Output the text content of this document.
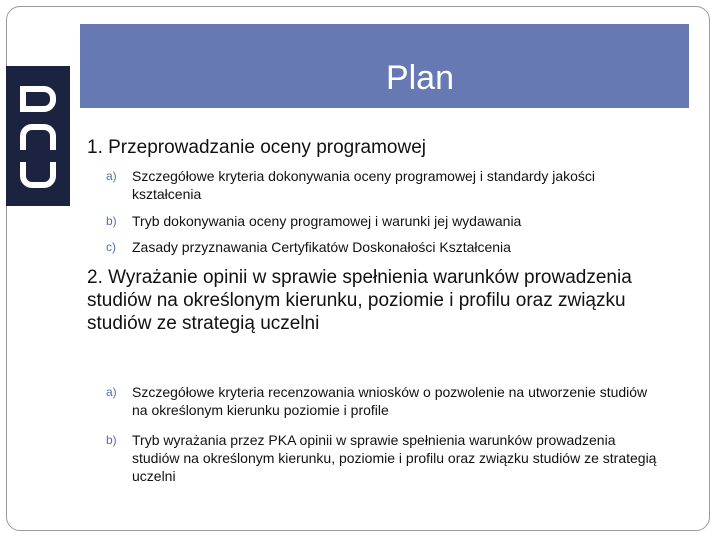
Plan
1. Przeprowadzanie oceny programowej
a)	Szczegółowe kryteria dokonywania oceny programowej i standardy jakości kształcenia
b)	Tryb dokonywania oceny programowej i warunki jej wydawania
c)	Zasady przyznawania Certyfikatów Doskonałości Kształcenia
2. Wyrażanie opinii w sprawie spełnienia warunków prowadzenia studiów na określonym kierunku, poziomie i profilu oraz związku studiów ze strategią uczelni
a)	Szczegółowe kryteria recenzowania wniosków o pozwolenie na utworzenie studiów na określonym kierunku poziomie i profile
b)	Tryb wyrażania przez PKA opinii w sprawie spełnienia warunków prowadzenia studiów na określonym kierunku, poziomie i profilu oraz związku studiów ze strategią uczelni
